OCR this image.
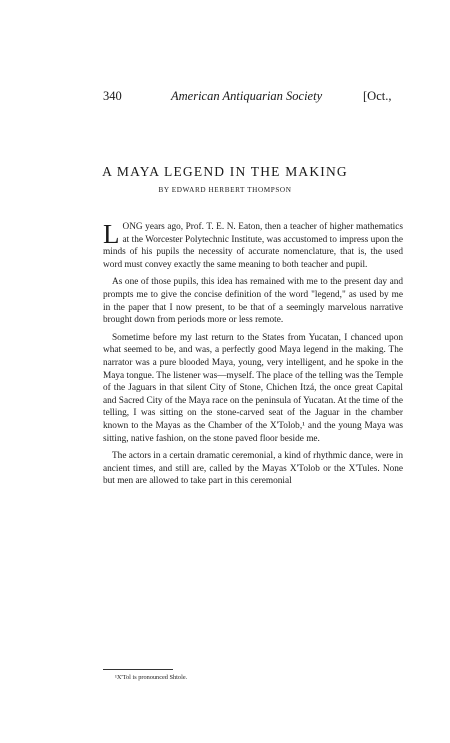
340	American Antiquarian Society	[Oct.,
A MAYA LEGEND IN THE MAKING
BY EDWARD HERBERT THOMPSON

LONG years ago, Prof. T. E. N. Eaton, then a teacher of higher mathematics at the Worcester Polytechnic Institute, was accustomed to impress upon the minds of his pupils the necessity of accurate nomenclature, that is, the used word must convey exactly the same meaning to both teacher and pupil.

As one of those pupils, this idea has remained with me to the present day and prompts me to give the concise definition of the word "legend," as used by me in the paper that I now present, to be that of a seemingly marvelous narrative brought down from periods more or less remote.

Sometime before my last return to the States from Yucatan, I chanced upon what seemed to be, and was, a perfectly good Maya legend in the making. The narrator was a pure blooded Maya, young, very intelligent, and he spoke in the Maya tongue. The listener was—myself. The place of the telling was the Temple of the Jaguars in that silent City of Stone, Chichen Itzá, the once great Capital and Sacred City of the Maya race on the peninsula of Yucatan. At the time of the telling, I was sitting on the stone-carved seat of the Jaguar in the chamber known to the Mayas as the Chamber of the X'Tolob,¹ and the young Maya was sitting, native fashion, on the stone paved floor beside me.

The actors in a certain dramatic ceremonial, a kind of rhythmic dance, were in ancient times, and still are, called by the Mayas X'Tolob or the X'Tules. None but men are allowed to take part in this ceremonial

¹X'Tol is pronounced Shtole.
